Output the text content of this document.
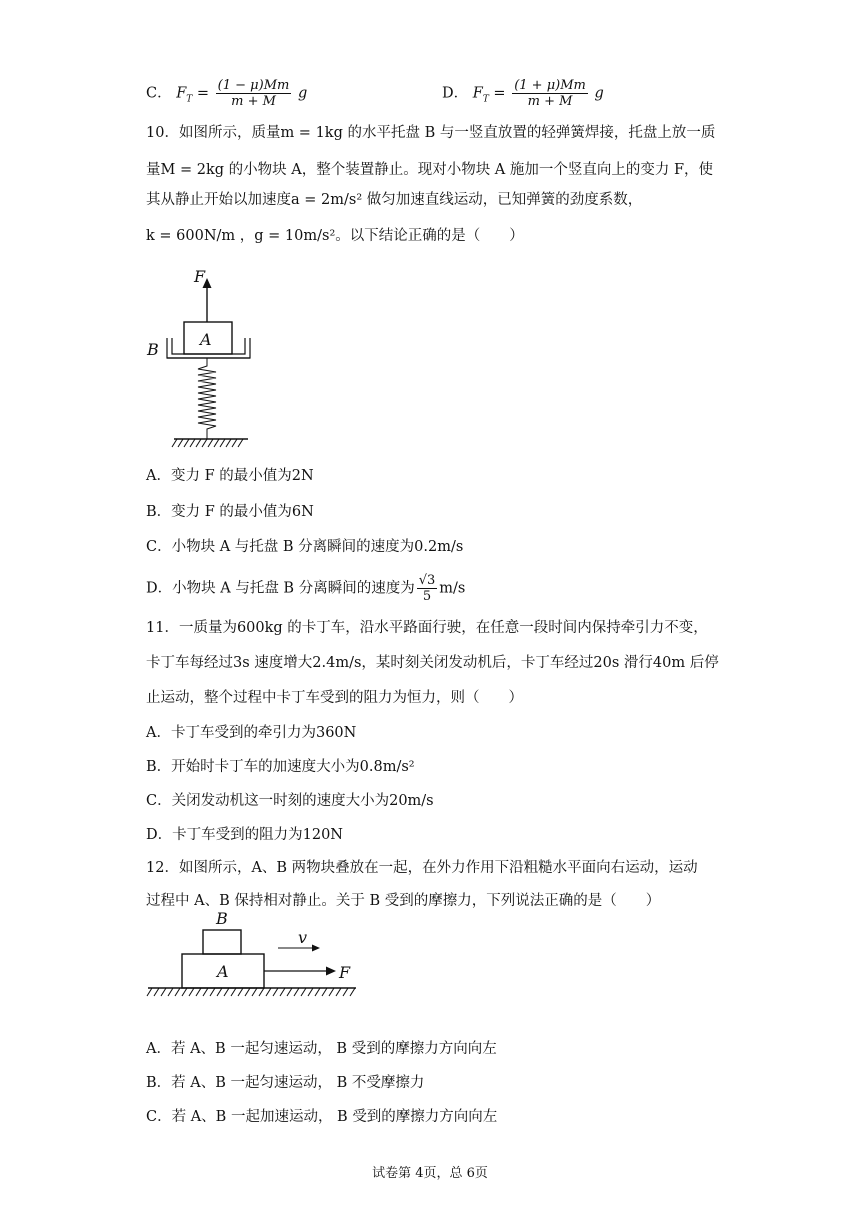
C． $F_T = \frac{(1 - \mu)Mm}{m + M}$ g	D． $F_T = \frac{(1 + \mu)Mm}{m + M}$ g
10．如图所示，质量m = 1kg 的水平托盘 B 与一竖直放置的轻弹簧焊接，托盘上放一质
量M = 2kg 的小物块 A，整个装置静止。现对小物块 A 施加一个竖直向上的变力 F，使
其从静止开始以加速度a = 2m/s² 做匀加速直线运动，已知弹簧的劲度系数，
k = 600N/m ，g = 10m/s²。以下结论正确的是（　　）
F
A
B
A．变力 F 的最小值为2N
B．变力 F 的最小值为6N
C．小物块 A 与托盘 B 分离瞬间的速度为0.2m/s
D．小物块 A 与托盘 B 分离瞬间的速度为 $\frac{√3}{5} m/s$
11．一质量为600kg 的卡丁车，沿水平路面行驶，在任意一段时间内保持牵引力不变，
卡丁车每经过3s 速度增大2.4m/s，某时刻关闭发动机后，卡丁车经过20s 滑行40m 后停
止运动，整个过程中卡丁车受到的阻力为恒力，则（　　）
A．卡丁车受到的牵引力为360N
B．开始时卡丁车的加速度大小为0.8m/s²
C．关闭发动机这一时刻的速度大小为20m/s
D．卡丁车受到的阻力为120N
12．如图所示，A、B 两物块叠放在一起，在外力作用下沿粗糙水平面向右运动，运动
过程中 A、B 保持相对静止。关于 B 受到的摩擦力，下列说法正确的是（　　）
B
A
v
F
A．若 A、B 一起匀速运动， B 受到的摩擦力方向向左
B．若 A、B 一起匀速运动， B 不受摩擦力
C．若 A、B 一起加速运动， B 受到的摩擦力方向向左
试卷第 4页，总 6页
